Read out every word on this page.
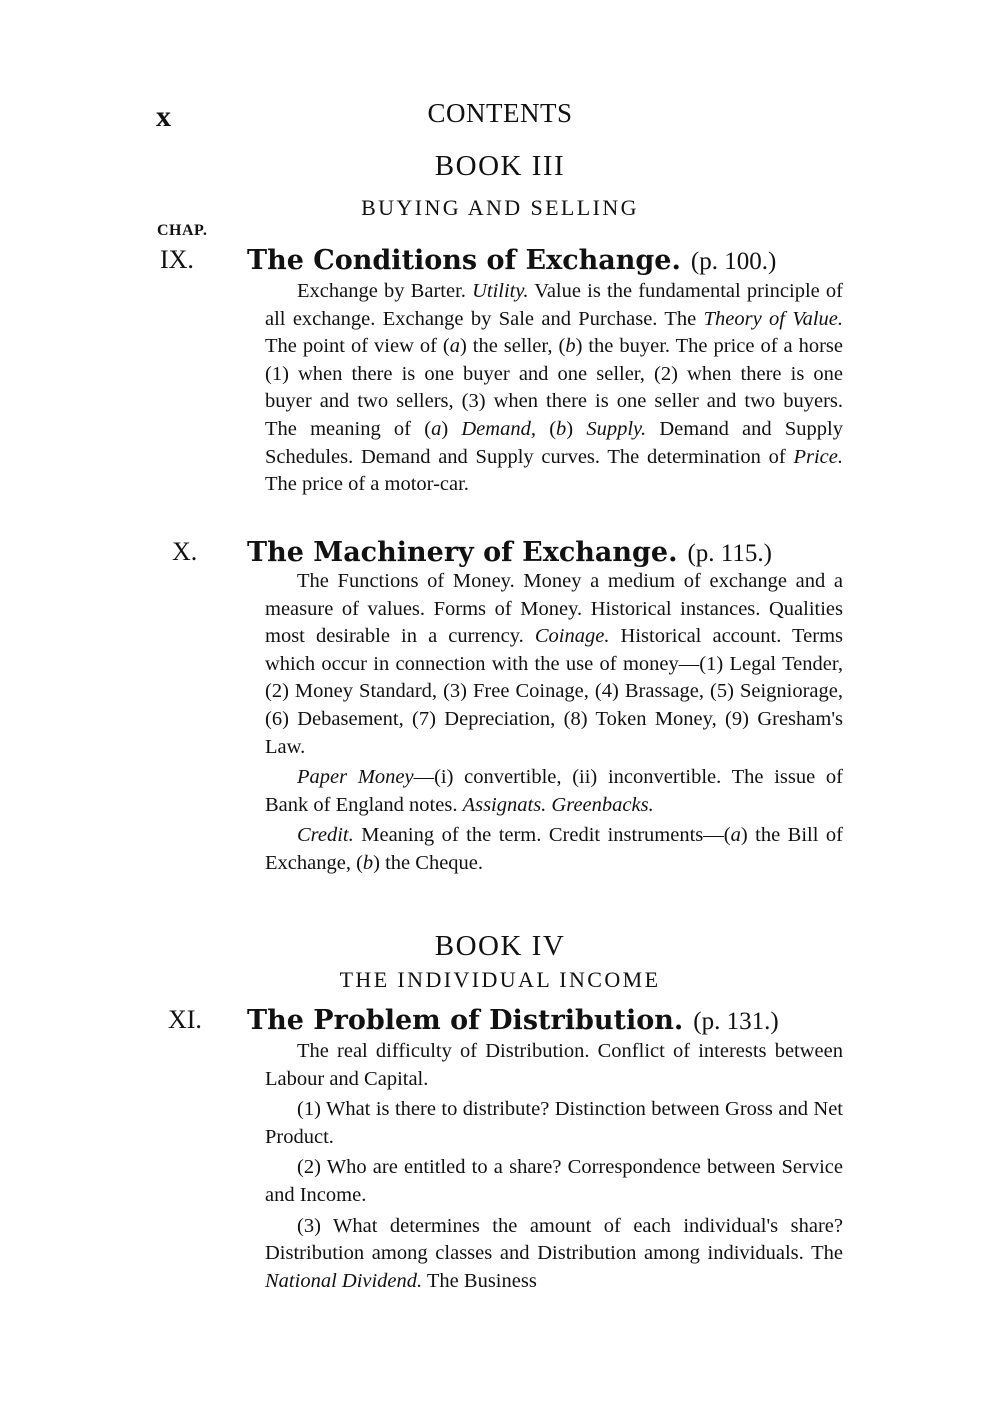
x	CONTENTS
BOOK III
BUYING AND SELLING
CHAP.
IX. The Conditions of Exchange. (p. 100.)

Exchange by Barter. Utility. Value is the fundamental principle of all exchange. Exchange by Sale and Purchase. The Theory of Value. The point of view of (a) the seller, (b) the buyer. The price of a horse (1) when there is one buyer and one seller, (2) when there is one buyer and two sellers, (3) when there is one seller and two buyers. The meaning of (a) Demand, (b) Supply. Demand and Supply Schedules. Demand and Supply curves. The determination of Price. The price of a motor-car.

X. The Machinery of Exchange. (p. 115.)

The Functions of Money. Money a medium of exchange and a measure of values. Forms of Money. Historical instances. Qualities most desirable in a currency. Coinage. Historical account. Terms which occur in connection with the use of money—(1) Legal Tender, (2) Money Standard, (3) Free Coinage, (4) Brassage, (5) Seigniorage, (6) Debasement, (7) Depreciation, (8) Token Money, (9) Gresham's Law.

Paper Money—(i) convertible, (ii) inconvertible. The issue of Bank of England notes. Assignats. Greenbacks.

Credit. Meaning of the term. Credit instruments—(a) the Bill of Exchange, (b) the Cheque.

BOOK IV
THE INDIVIDUAL INCOME
XI. The Problem of Distribution. (p. 131.)

The real difficulty of Distribution. Conflict of interests between Labour and Capital.

(1) What is there to distribute? Distinction between Gross and Net Product.

(2) Who are entitled to a share? Correspondence between Service and Income.

(3) What determines the amount of each individual's share? Distribution among classes and Distribution among individuals. The National Dividend. The Business
